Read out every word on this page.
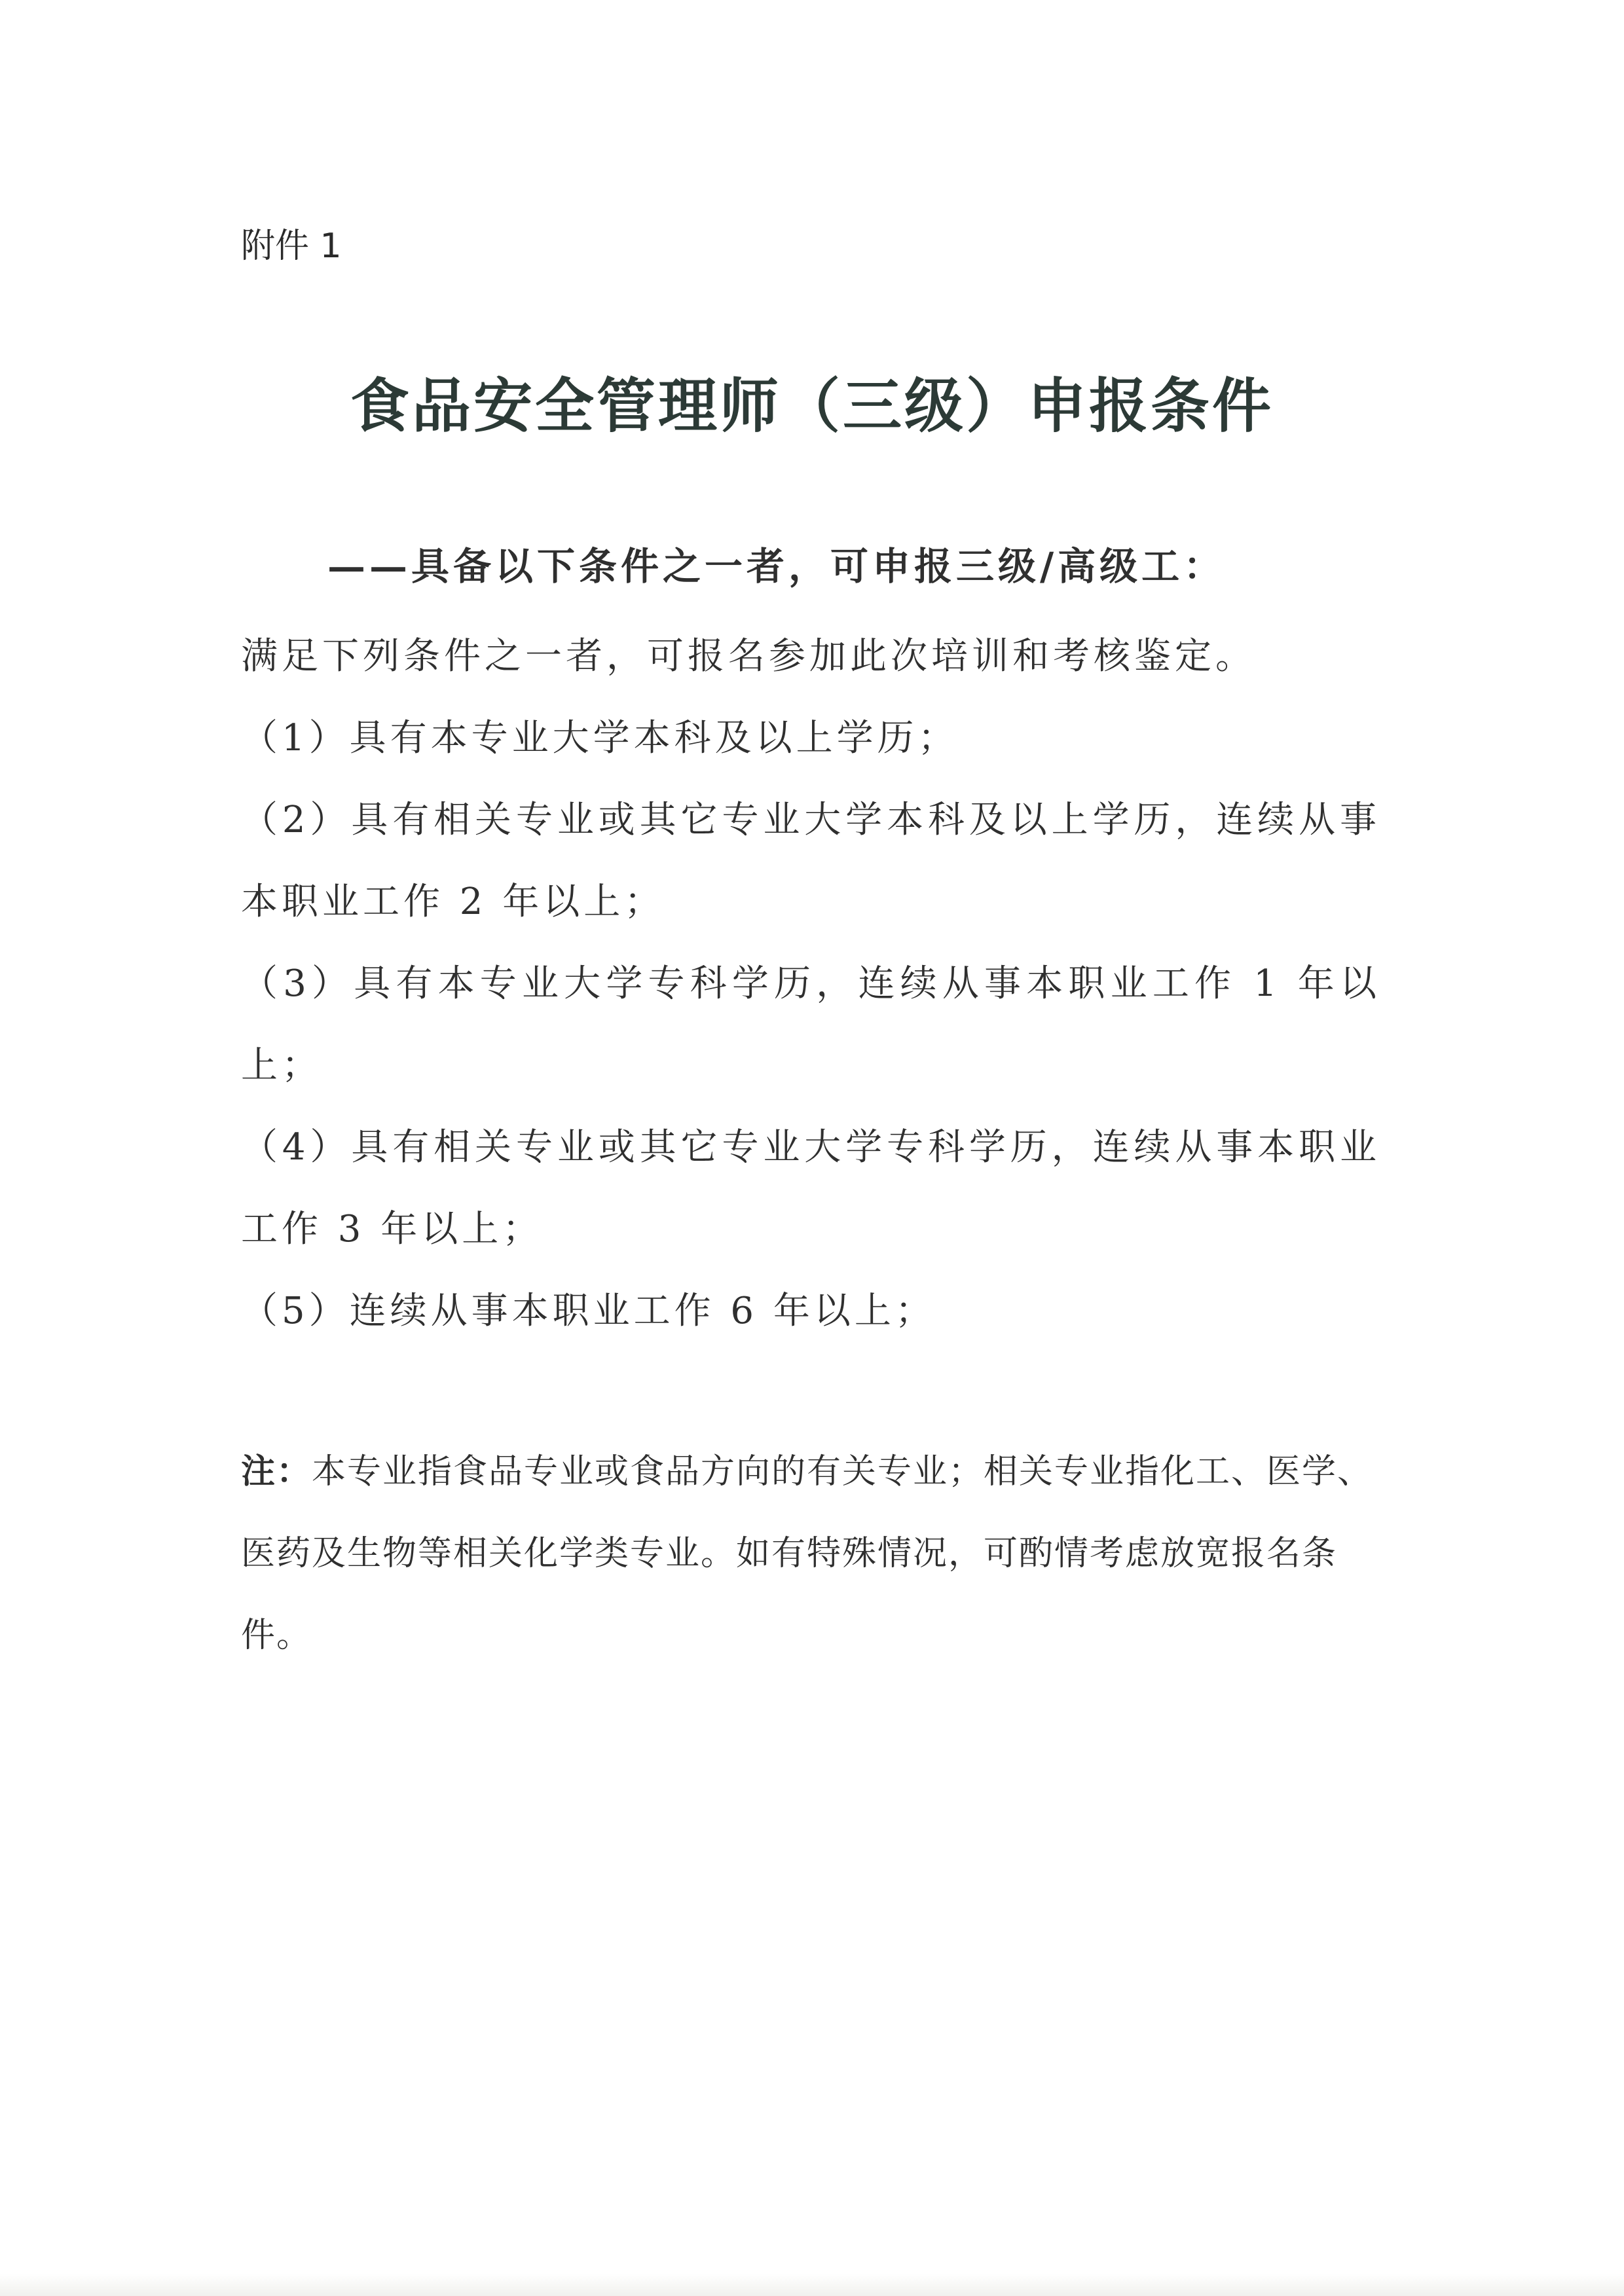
附件 1

食品安全管理师（三级）申报条件

——具备以下条件之一者，可申报三级/高级工：

满足下列条件之一者，可报名参加此次培训和考核鉴定。

（1）具有本专业大学本科及以上学历；

（2）具有相关专业或其它专业大学本科及以上学历，连续从事本职业工作 2 年以上；

（3）具有本专业大学专科学历，连续从事本职业工作 1 年以上；

（4）具有相关专业或其它专业大学专科学历，连续从事本职业工作 3 年以上；

（5）连续从事本职业工作 6 年以上；

注：本专业指食品专业或食品方向的有关专业；相关专业指化工、医学、医药及生物等相关化学类专业。如有特殊情况，可酌情考虑放宽报名条件。
